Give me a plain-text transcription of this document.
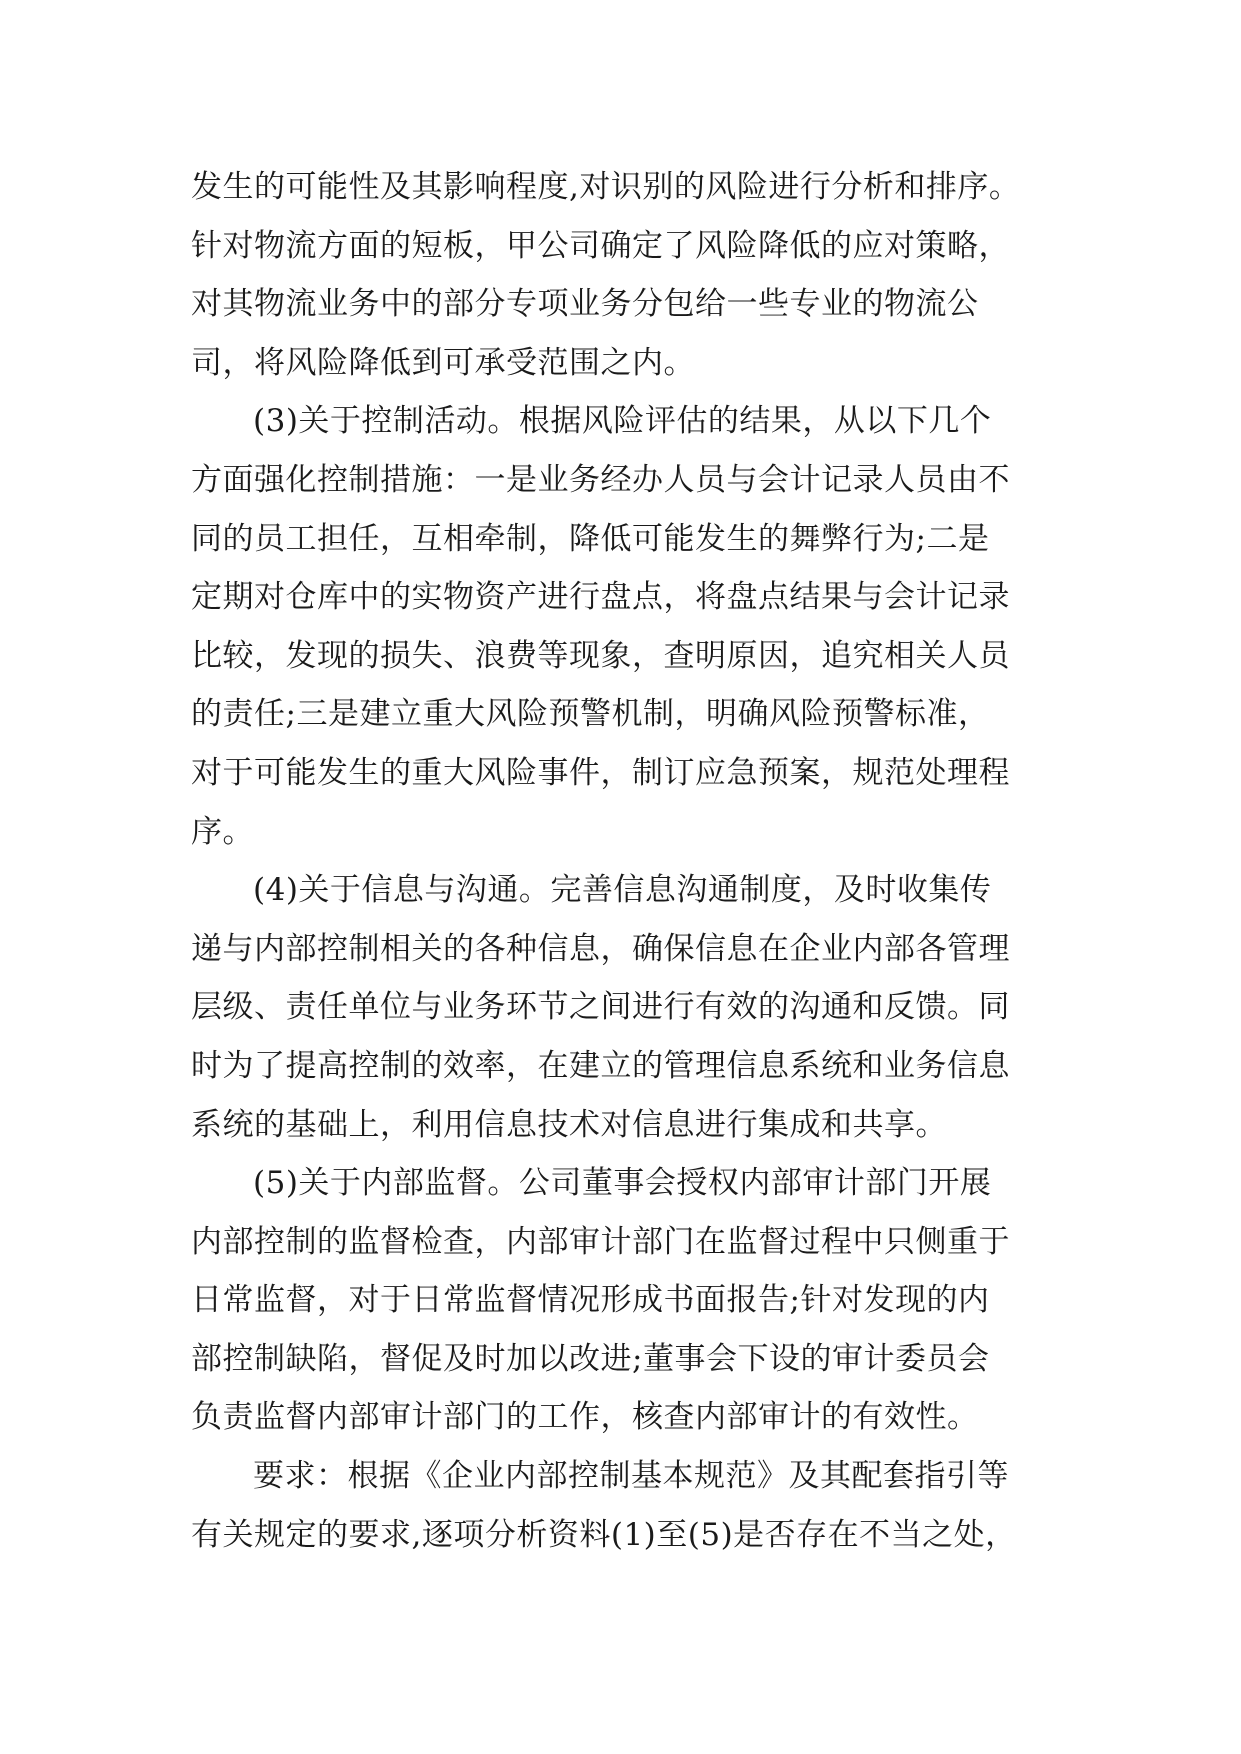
发生的可能性及其影响程度,对识别的风险进行分析和排序。
针对物流方面的短板，甲公司确定了风险降低的应对策略，
对其物流业务中的部分专项业务分包给一些专业的物流公
司，将风险降低到可承受范围之内。
(3)关于控制活动。根据风险评估的结果，从以下几个
方面强化控制措施：一是业务经办人员与会计记录人员由不
同的员工担任，互相牵制，降低可能发生的舞弊行为;二是
定期对仓库中的实物资产进行盘点，将盘点结果与会计记录
比较，发现的损失、浪费等现象，查明原因，追究相关人员
的责任;三是建立重大风险预警机制，明确风险预警标准，
对于可能发生的重大风险事件，制订应急预案，规范处理程
序。
(4)关于信息与沟通。完善信息沟通制度，及时收集传
递与内部控制相关的各种信息，确保信息在企业内部各管理
层级、责任单位与业务环节之间进行有效的沟通和反馈。同
时为了提高控制的效率，在建立的管理信息系统和业务信息
系统的基础上，利用信息技术对信息进行集成和共享。
(5)关于内部监督。公司董事会授权内部审计部门开展
内部控制的监督检查，内部审计部门在监督过程中只侧重于
日常监督，对于日常监督情况形成书面报告;针对发现的内
部控制缺陷，督促及时加以改进;董事会下设的审计委员会
负责监督内部审计部门的工作，核查内部审计的有效性。
要求：根据《企业内部控制基本规范》及其配套指引等
有关规定的要求,逐项分析资料(1)至(5)是否存在不当之处，
